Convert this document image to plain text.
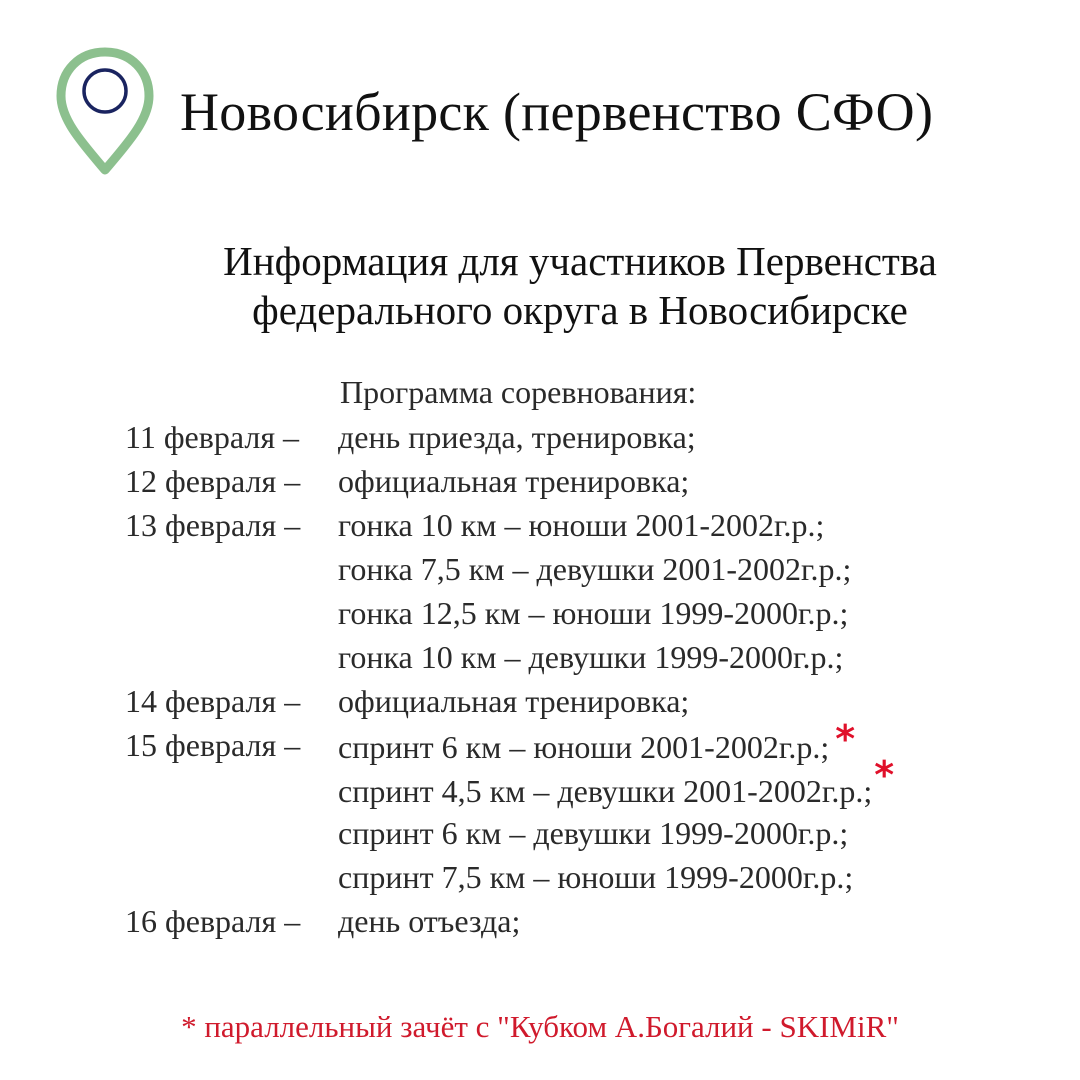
Новосибирск (первенство СФО)
Информация для участников Первенства
федерального округа в Новосибирске
Программа соревнования:
11 февраля – день приезда, тренировка;
12 февраля – официальная тренировка;
13 февраля – гонка 10 км – юноши 2001-2002г.р.;
гонка 7,5 км – девушки 2001-2002г.р.;
гонка 12,5 км – юноши 1999-2000г.р.;
гонка 10 км – девушки 1999-2000г.р.;
14 февраля – официальная тренировка;
15 февраля – спринт 6 км – юноши 2001-2002г.р.; *
спринт 4,5 км – девушки 2001-2002г.р.;*
спринт 6 км – девушки 1999-2000г.р.;
спринт 7,5 км – юноши 1999-2000г.р.;
16 февраля – день отъезда;
* параллельный зачёт с "Кубком А.Богалий - SKIMiR"
